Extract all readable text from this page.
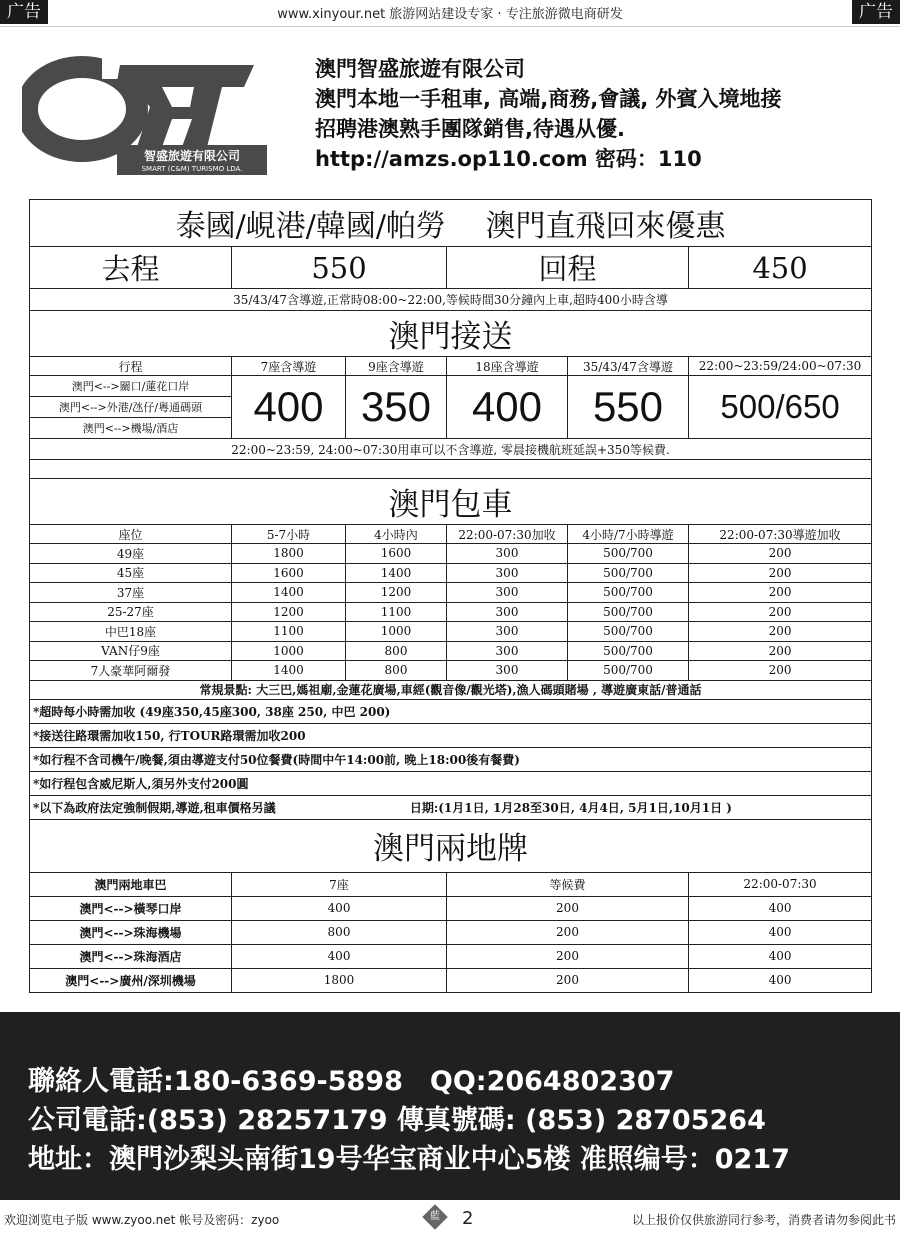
广告	www.xinyour.net 旅游网站建设专家 · 专注旅游微电商研发	广告
智盛旅遊有限公司
SMART (C&M) TURISMO LDA.
澳門智盛旅遊有限公司
澳門本地一手租車, 高端,商務,會議, 外賓入境地接
招聘港澳熟手團隊銷售,待遇从優.
http://amzs.op110.com 密码：110
泰國/峴港/韓國/帕勞　 澳門直飛回來優惠					
去程	550		回程		450
35/43/47含導遊,正常時08:00~22:00,等候時間30分鐘內上車,超時400小時含導					
澳門接送					
行程	7座含導遊	9座含導遊	18座含導遊	35/43/47含導遊	22:00~23:59/24:00~07:30
澳門<-->關口/蓮花口岸	400	350	400	550	500/650
澳門<-->外港/氹仔/粵通碼頭					
澳門<-->機場/酒店					
22:00~23:59, 24:00~07:30用車可以不含導遊, 零晨接機航班延誤+350等候費.					

澳門包車					
座位	5-7小時	4小時內	22:00-07:30加收	4小時/7小時導遊	22:00-07:30導遊加收
49座	1800	1600	300	500/700	200
45座	1600	1400	300	500/700	200
37座	1400	1200	300	500/700	200
25-27座	1200	1100	300	500/700	200
中巴18座	1100	1000	300	500/700	200
VAN仔9座	1000	800	300	500/700	200
7人豪華阿爾發	1400	800	300	500/700	200
常規景點: 大三巴,媽祖廟,金蓮花廣場,車經(觀音像/觀光塔),漁人碼頭賭場 , 導遊廣東話/普通話					
*超時每小時需加收 (49座350,45座300, 38座 250, 中巴 200)					
*接送往路環需加收150, 行TOUR路環需加收200					
*如行程不含司機午/晚餐,須由導遊支付50位餐費(時間中午14:00前, 晚上18:00後有餐費)					
*如行程包含威尼斯人,須另外支付200圓					
*以下為政府法定強制假期,導遊,租車價格另議 日期:(1月1日, 1月28至30日, 4月4日, 5月1日,10月1日 )					
澳門兩地牌					
澳門兩地車巴	7座		等候費		22:00-07:30
澳門<-->橫琴口岸	400		200		400
澳門<-->珠海機場	800		200		400
澳門<-->珠海酒店	400		200		400
澳門<-->廣州/深圳機場	1800		200		400
聯絡人電話:180-6369-5898　QQ:2064802307
公司電話:(853) 28257179 傳真號碼: (853) 28705264
地址：澳門沙梨头南街19号华宝商业中心5楼 准照编号：0217
欢迎浏览电子版 www.zyoo.net 帐号及密码：zyoo	藍 2	以上报价仅供旅游同行参考，消费者请勿参阅此书
